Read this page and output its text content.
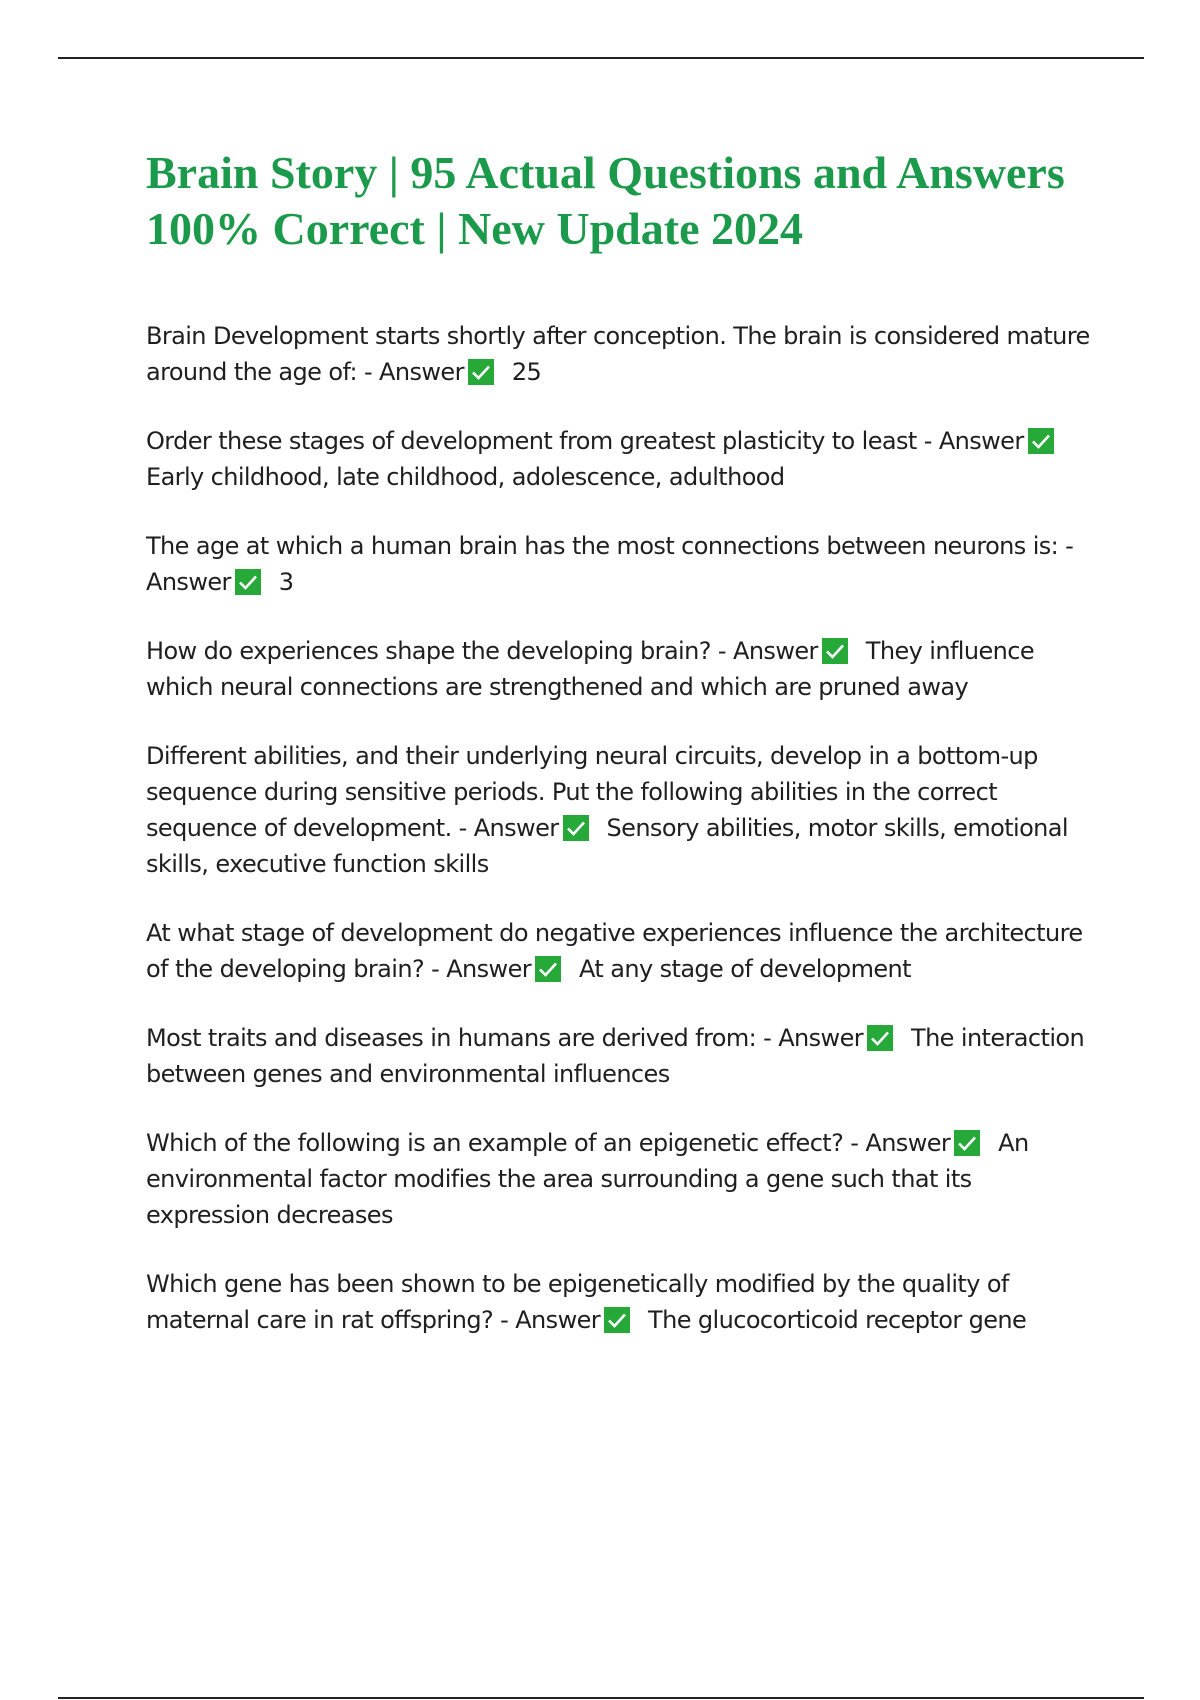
Brain Story | 95 Actual Questions and Answers 100% Correct | New Update 2024

Brain Development starts shortly after conception. The brain is considered mature around the age of: - Answer 25

Order these stages of development from greatest plasticity to least - Answer
Early childhood, late childhood, adolescence, adulthood

The age at which a human brain has the most connections between neurons is: - Answer 3

How do experiences shape the developing brain? - Answer They influence which neural connections are strengthened and which are pruned away

Different abilities, and their underlying neural circuits, develop in a bottom-up sequence during sensitive periods. Put the following abilities in the correct sequence of development. - Answer Sensory abilities, motor skills, emotional skills, executive function skills

At what stage of development do negative experiences influence the architecture of the developing brain? - Answer At any stage of development

Most traits and diseases in humans are derived from: - Answer The interaction between genes and environmental influences

Which of the following is an example of an epigenetic effect? - Answer An environmental factor modifies the area surrounding a gene such that its expression decreases

Which gene has been shown to be epigenetically modified by the quality of maternal care in rat offspring? - Answer The glucocorticoid receptor gene
